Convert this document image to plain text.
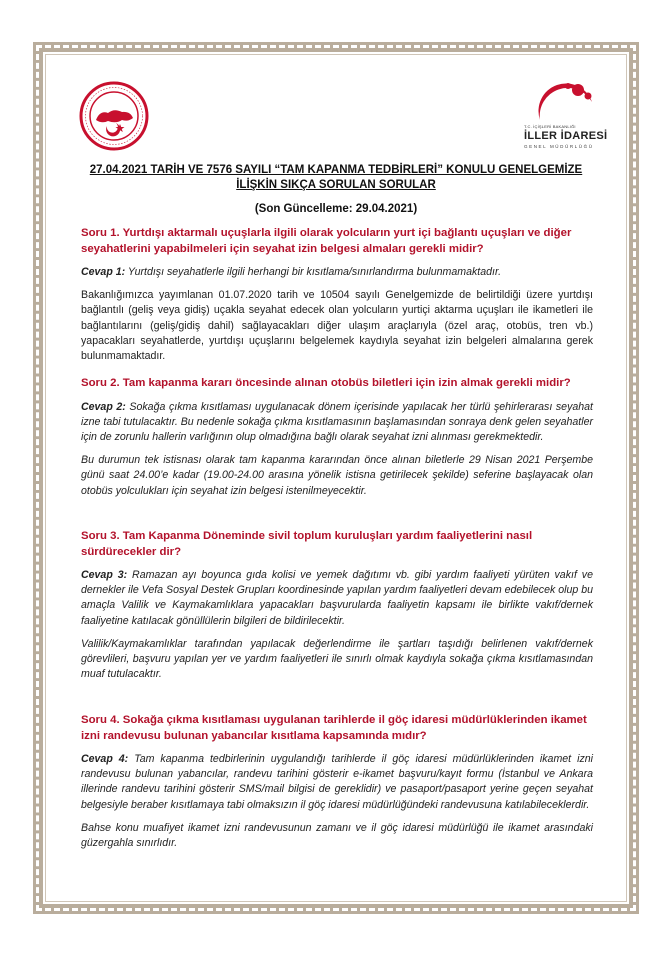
T.C. İÇİŞLERİ BAKANLIĞI
İLLER İDARESİ
GENEL MÜDÜRLÜĞÜ
27.04.2021 TARİH VE 7576 SAYILI “TAM KAPANMA TEDBİRLERİ” KONULU GENELGEMİZE İLİŞKİN SIKÇA SORULAN SORULAR
(Son Güncelleme: 29.04.2021)

Soru 1. Yurtdışı aktarmalı uçuşlarla ilgili olarak yolcuların yurt içi bağlantı uçuşları ve diğer seyahatlerini yapabilmeleri için seyahat izin belgesi almaları gerekli midir?

Cevap 1: Yurtdışı seyahatlerle ilgili herhangi bir kısıtlama/sınırlandırma bulunmamaktadır.

Bakanlığımızca yayımlanan 01.07.2020 tarih ve 10504 sayılı Genelgemizde de belirtildiği üzere yurtdışı bağlantılı (geliş veya gidiş) uçakla seyahat edecek olan yolcuların yurtiçi aktarma uçuşları ile ikametleri ile bağlantılarını (geliş/gidiş dahil) sağlayacakları diğer ulaşım araçlarıyla (özel araç, otobüs, tren vb.) yapacakları seyahatlerde, yurtdışı uçuşlarını belgelemek kaydıyla seyahat izin belgeleri almalarına gerek bulunmamaktadır.

Soru 2. Tam kapanma kararı öncesinde alınan otobüs biletleri için izin almak gerekli midir?

Cevap 2: Sokağa çıkma kısıtlaması uygulanacak dönem içerisinde yapılacak her türlü şehirlerarası seyahat izne tabi tutulacaktır. Bu nedenle sokağa çıkma kısıtlamasının başlamasından sonraya denk gelen seyahatler için de zorunlu hallerin varlığının olup olmadığına bağlı olarak seyahat izni alınması gerekmektedir.

Bu durumun tek istisnası olarak tam kapanma kararından önce alınan biletlerle 29 Nisan 2021 Perşembe günü saat 24.00’e kadar (19.00-24.00 arasına yönelik istisna getirilecek şekilde) seferine başlayacak olan otobüs yolculukları için seyahat izin belgesi istenilmeyecektir.

Soru 3. Tam Kapanma Döneminde sivil toplum kuruluşları yardım faaliyetlerini nasıl sürdürecekler dir?

Cevap 3: Ramazan ayı boyunca gıda kolisi ve yemek dağıtımı vb. gibi yardım faaliyeti yürüten vakıf ve dernekler ile Vefa Sosyal Destek Grupları koordinesinde yapılan yardım faaliyetleri devam edebilecek olup bu amaçla Valilik ve Kaymakamlıklara yapacakları başvurularda faaliyetin kapsamı ile birlikte vakıf/dernek faaliyetine katılacak gönüllülerin bilgileri de bildirilecektir.

Valilik/Kaymakamlıklar tarafından yapılacak değerlendirme ile şartları taşıdığı belirlenen vakıf/dernek görevlileri, başvuru yapılan yer ve yardım faaliyetleri ile sınırlı olmak kaydıyla sokağa çıkma kısıtlamasından muaf tutulacaktır.

Soru 4. Sokağa çıkma kısıtlaması uygulanan tarihlerde il göç idaresi müdürlüklerinden ikamet izni randevusu bulunan yabancılar kısıtlama kapsamında mıdır?

Cevap 4: Tam kapanma tedbirlerinin uygulandığı tarihlerde il göç idaresi müdürlüklerinden ikamet izni randevusu bulunan yabancılar, randevu tarihini gösterir e-ikamet başvuru/kayıt formu (İstanbul ve Ankara illerinde randevu tarihini gösterir SMS/mail bilgisi de gereklidir) ve pasaport/pasaport yerine geçen seyahat belgesiyle beraber kısıtlamaya tabi olmaksızın il göç idaresi müdürlüğündeki randevusuna katılabileceklerdir.

Bahse konu muafiyet ikamet izni randevusunun zamanı ve il göç idaresi müdürlüğü ile ikamet arasındaki güzergahla sınırlıdır.
